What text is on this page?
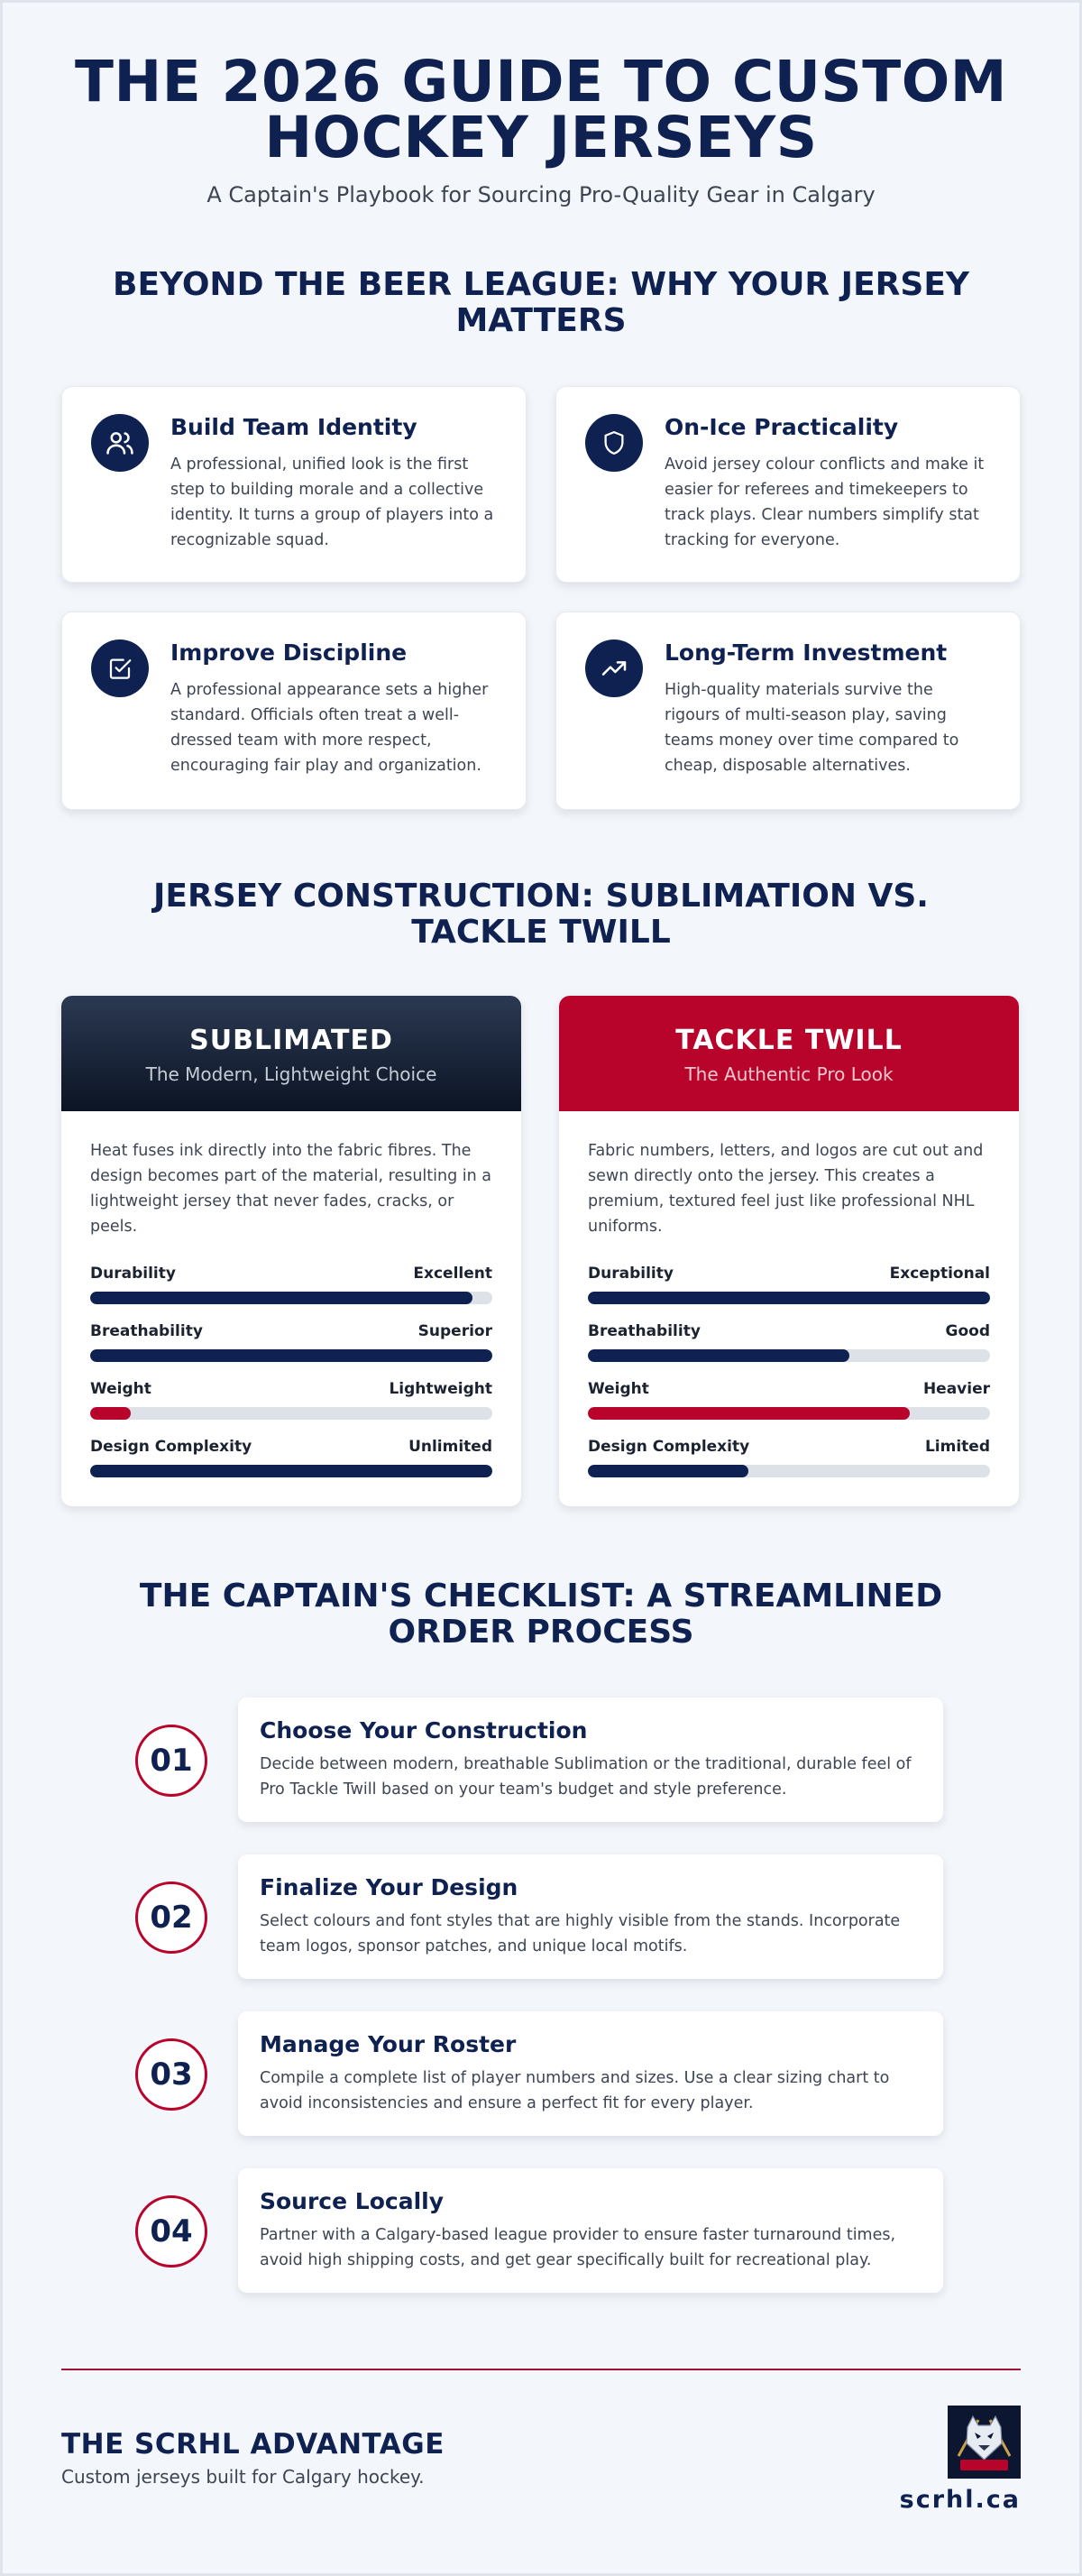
THE 2026 GUIDE TO CUSTOM
HOCKEY JERSEYS
A Captain's Playbook for Sourcing Pro-Quality Gear in Calgary
BEYOND THE BEER LEAGUE: WHY YOUR JERSEY MATTERS
Build Team Identity

A professional, unified look is the first step to building morale and a collective identity. It turns a group of players into a recognizable squad.

On-Ice Practicality

Avoid jersey colour conflicts and make it easier for referees and timekeepers to track plays. Clear numbers simplify stat tracking for everyone.

Improve Discipline

A professional appearance sets a higher standard. Officials often treat a well-dressed team with more respect, encouraging fair play and organization.

Long-Term Investment

High-quality materials survive the rigours of multi-season play, saving teams money over time compared to cheap, disposable alternatives.

JERSEY CONSTRUCTION: SUBLIMATION VS. TACKLE TWILL
SUBLIMATED
The Modern, Lightweight Choice

Heat fuses ink directly into the fabric fibres. The design becomes part of the material, resulting in a lightweight jersey that never fades, cracks, or peels.

Durability	Excellent
Breathability	Superior
Weight	Lightweight
Design Complexity	Unlimited
TACKLE TWILL
The Authentic Pro Look

Fabric numbers, letters, and logos are cut out and sewn directly onto the jersey. This creates a premium, textured feel just like professional NHL uniforms.

Durability	Exceptional
Breathability	Good
Weight	Heavier
Design Complexity	Limited
THE CAPTAIN'S CHECKLIST: A STREAMLINED ORDER PROCESS
01
Choose Your Construction

Decide between modern, breathable Sublimation or the traditional, durable feel of Pro Tackle Twill based on your team's budget and style preference.

02
Finalize Your Design

Select colours and font styles that are highly visible from the stands. Incorporate team logos, sponsor patches, and unique local motifs.

03
Manage Your Roster

Compile a complete list of player numbers and sizes. Use a clear sizing chart to avoid inconsistencies and ensure a perfect fit for every player.

04
Source Locally

Partner with a Calgary-based league provider to ensure faster turnaround times, avoid high shipping costs, and get gear specifically built for recreational play.

THE SCRHL ADVANTAGE
Custom jerseys built for Calgary hockey.
scrhl.ca
